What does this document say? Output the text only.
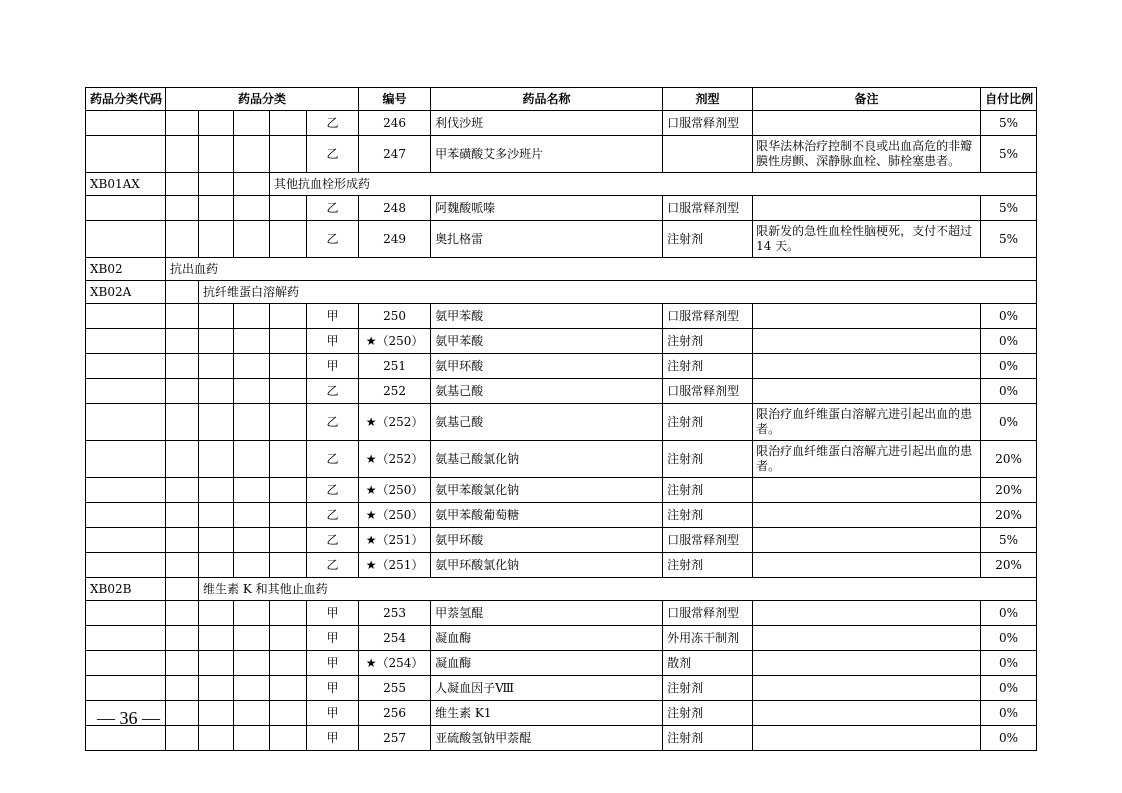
药品分类代码	药品分类					编号	药品名称	剂型	备注	自付比例
					乙	246	利伐沙班	口服常释剂型		5%
					乙	247	甲苯磺酸艾多沙班片		限华法林治疗控制不良或出血高危的非瓣膜性房颤、深静脉血栓、肺栓塞患者。	5%
XB01AX				其他抗血栓形成药						
					乙	248	阿魏酸哌嗪	口服常释剂型		5%
					乙	249	奥扎格雷	注射剂	限新发的急性血栓性脑梗死，支付不超过 14 天。	5%
XB02	抗出血药									
XB02A		抗纤维蛋白溶解药								
					甲	250	氨甲苯酸	口服常释剂型		0%
					甲	★（250）	氨甲苯酸	注射剂		0%
					甲	251	氨甲环酸	注射剂		0%
					乙	252	氨基己酸	口服常释剂型		0%
					乙	★（252）	氨基己酸	注射剂	限治疗血纤维蛋白溶解亢进引起出血的患者。	0%
					乙	★（252）	氨基己酸氯化钠	注射剂	限治疗血纤维蛋白溶解亢进引起出血的患者。	20%
					乙	★（250）	氨甲苯酸氯化钠	注射剂		20%
					乙	★（250）	氨甲苯酸葡萄糖	注射剂		20%
					乙	★（251）	氨甲环酸	口服常释剂型		5%
					乙	★（251）	氨甲环酸氯化钠	注射剂		20%
XB02B		维生素 K 和其他止血药								
					甲	253	甲萘氢醌	口服常释剂型		0%
					甲	254	凝血酶	外用冻干制剂		0%
					甲	★（254）	凝血酶	散剂		0%
					甲	255	人凝血因子Ⅷ	注射剂		0%
					甲	256	维生素 K1	注射剂		0%
					甲	257	亚硫酸氢钠甲萘醌	注射剂		0%
— 36 —
